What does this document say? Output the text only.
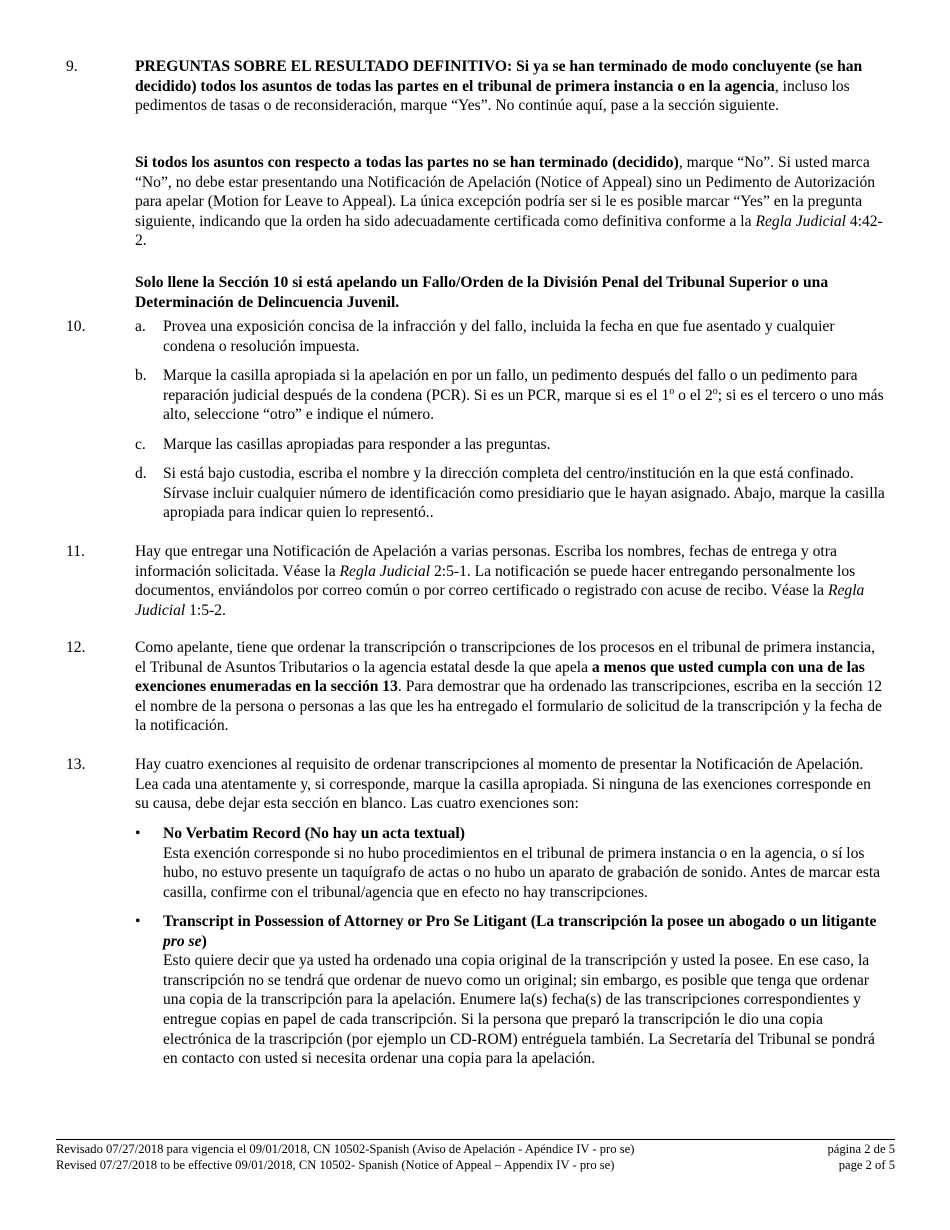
9.	PREGUNTAS SOBRE EL RESULTADO DEFINITIVO: Si ya se han terminado de modo concluyente (se han decidido) todos los asuntos de todas las partes en el tribunal de primera instancia o en la agencia, incluso los pedimentos de tasas o de reconsideración, marque “Yes”. No continúe aquí, pase a la sección siguiente.

Si todos los asuntos con respecto a todas las partes no se han terminado (decidido), marque “No”. Si usted marca “No”, no debe estar presentando una Notificación de Apelación (Notice of Appeal) sino un Pedimento de Autorización para apelar (Motion for Leave to Appeal). La única excepción podría ser si le es posible marcar “Yes” en la pregunta siguiente, indicando que la orden ha sido adecuadamente certificada como definitiva conforme a la Regla Judicial 4:42-2.

Solo llene la Sección 10 si está apelando un Fallo/Orden de la División Penal del Tribunal Superior o una Determinación de Delincuencia Juvenil.

10.	a. Provea una exposición concisa de la infracción y del fallo, incluida la fecha en que fue asentado y cualquier condena o resolución impuesta.

b. Marque la casilla apropiada si la apelación en por un fallo, un pedimento después del fallo o un pedimento para reparación judicial después de la condena (PCR). Si es un PCR, marque si es el 1$^o$ o el 2$^o$; si es el tercero o uno más alto, seleccione “otro” e indique el número.

c. Marque las casillas apropiadas para responder a las preguntas.

d. Si está bajo custodia, escriba el nombre y la dirección completa del centro/institución en la que está confinado. Sírvase incluir cualquier número de identificación como presidiario que le hayan asignado. Abajo, marque la casilla apropiada para indicar quien lo representó..

11.	Hay que entregar una Notificación de Apelación a varias personas. Escriba los nombres, fechas de entrega y otra información solicitada. Véase la Regla Judicial 2:5-1. La notificación se puede hacer entregando personalmente los documentos, enviándolos por correo común o por correo certificado o registrado con acuse de recibo. Véase la Regla Judicial 1:5-2.

12.	Como apelante, tiene que ordenar la transcripción o transcripciones de los procesos en el tribunal de primera instancia, el Tribunal de Asuntos Tributarios o la agencia estatal desde la que apela a menos que usted cumpla con una de las exenciones enumeradas en la sección 13. Para demostrar que ha ordenado las transcripciones, escriba en la sección 12 el nombre de la persona o personas a las que les ha entregado el formulario de solicitud de la transcripción y la fecha de la notificación.

13.	Hay cuatro exenciones al requisito de ordenar transcripciones al momento de presentar la Notificación de Apelación. Lea cada una atentamente y, si corresponde, marque la casilla apropiada. Si ninguna de las exenciones corresponde en su causa, debe dejar esta sección en blanco. Las cuatro exenciones son:

• No Verbatim Record (No hay un acta textual)

Esta exención corresponde si no hubo procedimientos en el tribunal de primera instancia o en la agencia, o sí los hubo, no estuvo presente un taquígrafo de actas o no hubo un aparato de grabación de sonido. Antes de marcar esta casilla, confirme con el tribunal/agencia que en efecto no hay transcripciones.

• Transcript in Possession of Attorney or Pro Se Litigant (La transcripción la posee un abogado o un litigante pro se)

Esto quiere decir que ya usted ha ordenado una copia original de la transcripción y usted la posee. En ese caso, la transcripción no se tendrá que ordenar de nuevo como un original; sin embargo, es posible que tenga que ordenar una copia de la transcripción para la apelación. Enumere la(s) fecha(s) de las transcripciones correspondientes y entregue copias en papel de cada transcripción. Si la persona que preparó la transcripción le dio una copia electrónica de la trascripción (por ejemplo un CD-ROM) entréguela también. La Secretaría del Tribunal se pondrá en contacto con usted si necesita ordenar una copia para la apelación.

Revisado 07/27/2018 para vigencia el 09/01/2018, CN 10502-Spanish (Aviso de Apelación - Apéndice IV - pro se)	página 2 de 5
Revised 07/27/2018 to be effective 09/01/2018, CN 10502- Spanish (Notice of Appeal – Appendix IV - pro se)	page 2 of 5
